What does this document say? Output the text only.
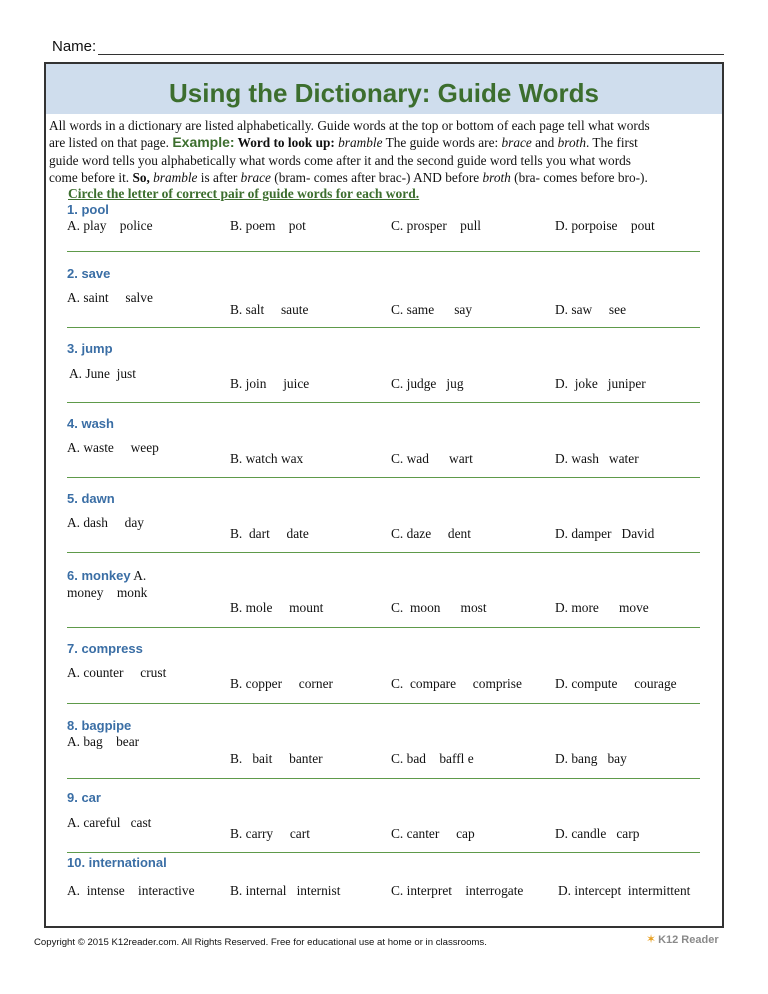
Name:
Using the Dictionary: Guide Words
All words in a dictionary are listed alphabetically. Guide words at the top or bottom of each page tell what words
are listed on that page. Example: Word to look up: bramble The guide words are: brace and broth. The first
guide word tells you alphabetically what words come after it and the second guide word tells you what words
come before it. So, bramble is after brace (bram- comes after brac-) AND before broth (bra- comes before bro-).
Circle the letter of correct pair of guide words for each word.
1. pool
A. play    police	B. poem    pot	C. prosper    pull	D. porpoise    pout
2. save
A. saint     salve
B. salt     saute	C. same      say	D. saw     see
3. jump
A. June  just
B. join     juice	C. judge   jug	D.  joke   juniper
4. wash
A. waste     weep
B. watch wax	C. wad      wart	D. wash   water
5. dawn
A. dash     day
B.  dart     date	C. daze     dent	D. damper   David
6. monkey A.
money    monk
B. mole     mount	C.  moon      most	D. more      move
7. compress
A. counter     crust
B. copper     corner	C.  compare     comprise D. compute     courage
8. bagpipe
A. bag    bear
B.   bait     banter	C. bad    baffl e	D. bang   bay
9. car
A. careful   cast
B. carry     cart	C. canter     cap	D. candle   carp
10. international
A.  intense    interactive	B. internal   internist	C. interpret    interrogate	D. intercept  intermittent
Copyright © 2015 K12reader.com. All Rights Reserved. Free for educational use at home or in classrooms.	✶ K12 Reader
